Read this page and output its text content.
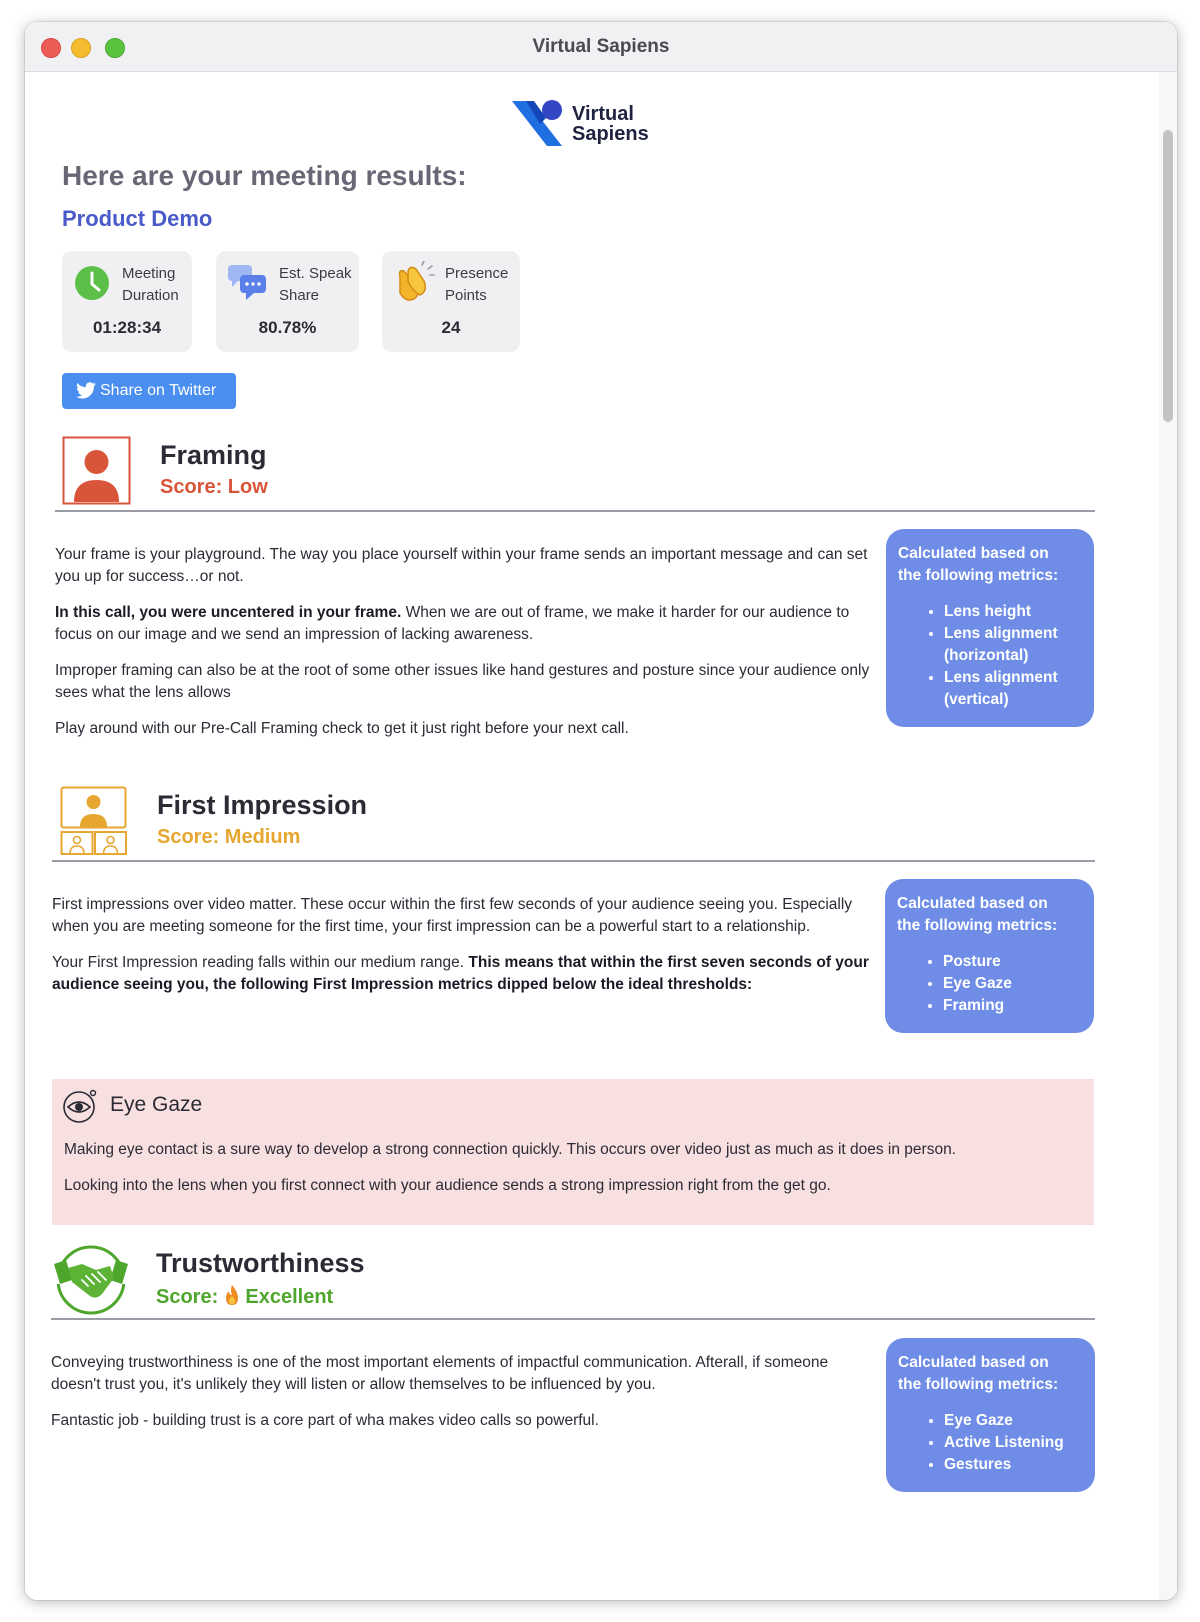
Virtual Sapiens
Virtual
Sapiens
Here are your meeting results:
Product Demo
Meeting
Duration
01:28:34
Est. Speak
Share
80.78%
Presence
Points
24
Share on Twitter
Framing
Score: Low

Your frame is your playground. The way you place yourself within your frame sends an important message and can set you up for success…or not.

In this call, you were uncentered in your frame. When we are out of frame, we make it harder for our audience to focus on our image and we send an impression of lacking awareness.

Improper framing can also be at the root of some other issues like hand gestures and posture since your audience only sees what the lens allows

Play around with our Pre-Call Framing check to get it just right before your next call.

Calculated based on
the following metrics:
• Lens height
• Lens alignment (horizontal)
• Lens alignment (vertical)
First Impression
Score: Medium

First impressions over video matter. These occur within the first few seconds of your audience seeing you. Especially when you are meeting someone for the first time, your first impression can be a powerful start to a relationship.

Your First Impression reading falls within our medium range. This means that within the first seven seconds of your audience seeing you, the following First Impression metrics dipped below the ideal thresholds:

Calculated based on
the following metrics:
• Posture
• Eye Gaze
• Framing
Eye Gaze

Making eye contact is a sure way to develop a strong connection quickly. This occurs over video just as much as it does in person.

Looking into the lens when you first connect with your audience sends a strong impression right from the get go.

Trustworthiness
Score: Excellent

Conveying trustworthiness is one of the most important elements of impactful communication. Afterall, if someone doesn't trust you, it's unlikely they will listen or allow themselves to be influenced by you.

Fantastic job - building trust is a core part of wha makes video calls so powerful.

Calculated based on
the following metrics:
• Eye Gaze
• Active Listening
• Gestures
